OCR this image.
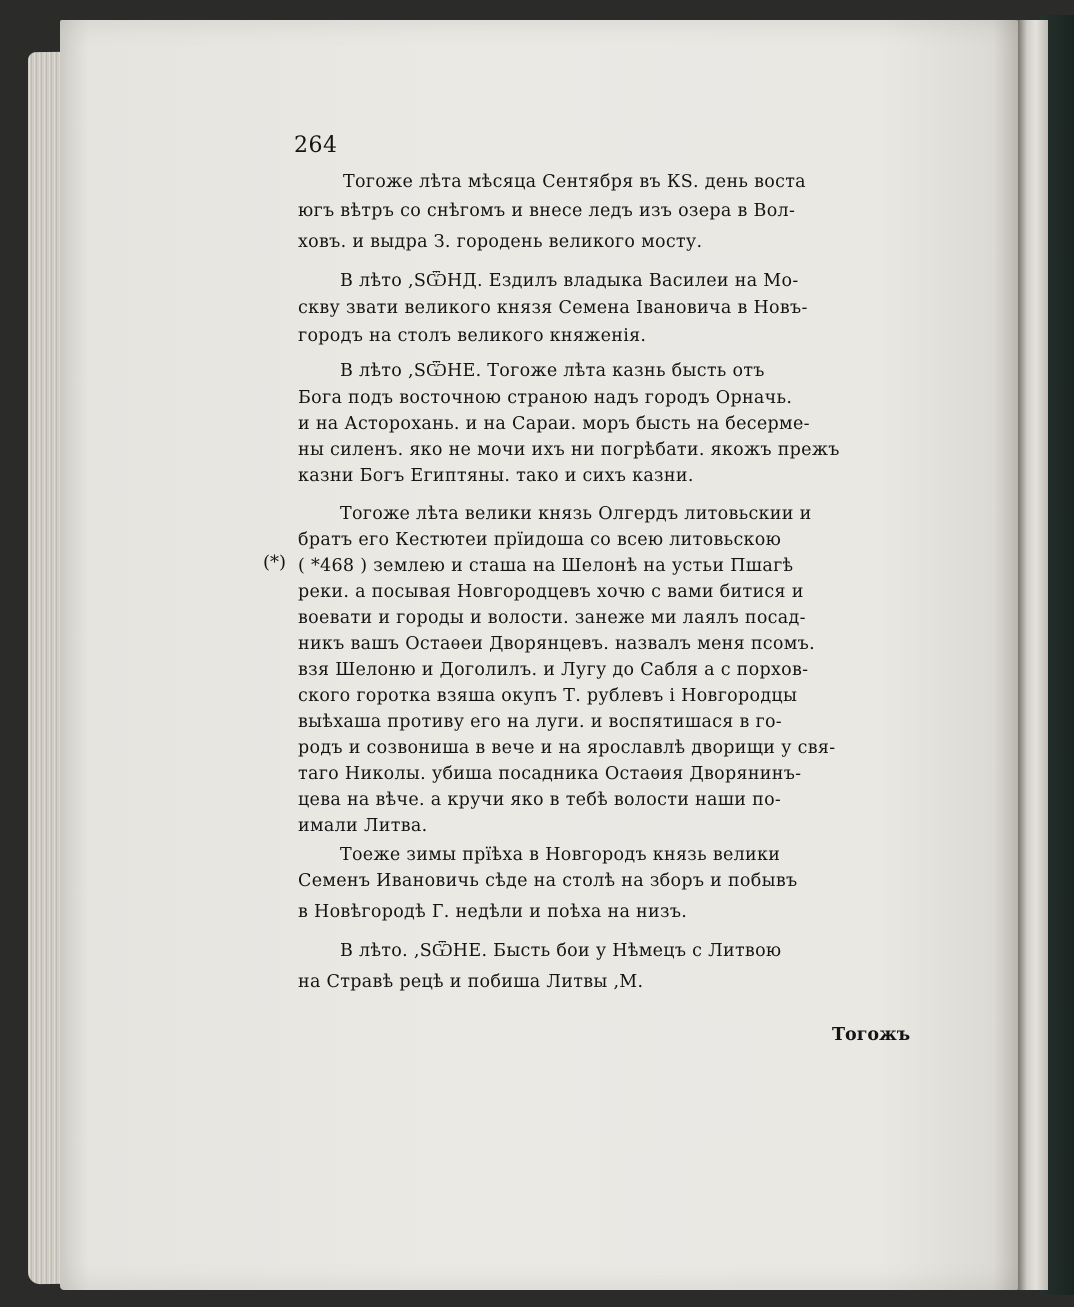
264
(*)
Тогоже лѣта мѣсяца Сентября въ КЅ. день воста
югъ вѣтръ со снѣгомъ и внесе ледъ изъ озера в Вол-
ховъ. и выдра З. городень великого мосту.
В лѣто ,ЅѾНД. Ездилъ владыка Василеи на Мо-
скву звати великого князя Семена Івановича в Новъ-
городъ на столъ великого княженія.
В лѣто ,ЅѾНЕ. Тогоже лѣта казнь бысть отъ
Бога подъ восточною страною надъ городъ Орначь.
и на Асторохань. и на Сараи. моръ бысть на бесерме-
ны силенъ. яко не мочи ихъ ни погрѣбати. якожъ прежъ
казни Богъ Египтяны. тако и сихъ казни.
Тогоже лѣта велики князь Олгердъ литовьскии и
братъ его Кестютеи прїидоша со всею литовьскою
( *468 ) землею и сташа на Шелонѣ на устьи Пшагѣ
реки. а посывая Новгородцевъ хочю с вами битися и
воевати и городы и волости. занеже ми лаялъ посад-
никъ вашъ Остаѳеи Дворянцевъ. назвалъ меня псомъ.
взя Шелоню и Доголилъ. и Лугу до Сабля а с порхов-
ского горотка взяша окупъ Т. рублевъ і Новгородцы
выѣхаша противу его на луги. и воспятишася в го-
родъ и созвониша в вече и на ярославлѣ дворищи у свя-
таго Николы. убиша посадника Остаѳия Дворянинъ-
цева на вѣче. а кручи яко в тебѣ волости наши по-
имали Литва.
Тоеже зимы прїѣха в Новгородъ князь велики
Семенъ Ивановичь сѣде на столѣ на зборъ и побывъ
в Новѣгородѣ Г. недѣли и поѣха на низъ.
В лѣто. ,ЅѾНЕ. Бысть бои у Нѣмецъ с Литвою
на Стравѣ рецѣ и побиша Литвы ,М.
Тогожъ
